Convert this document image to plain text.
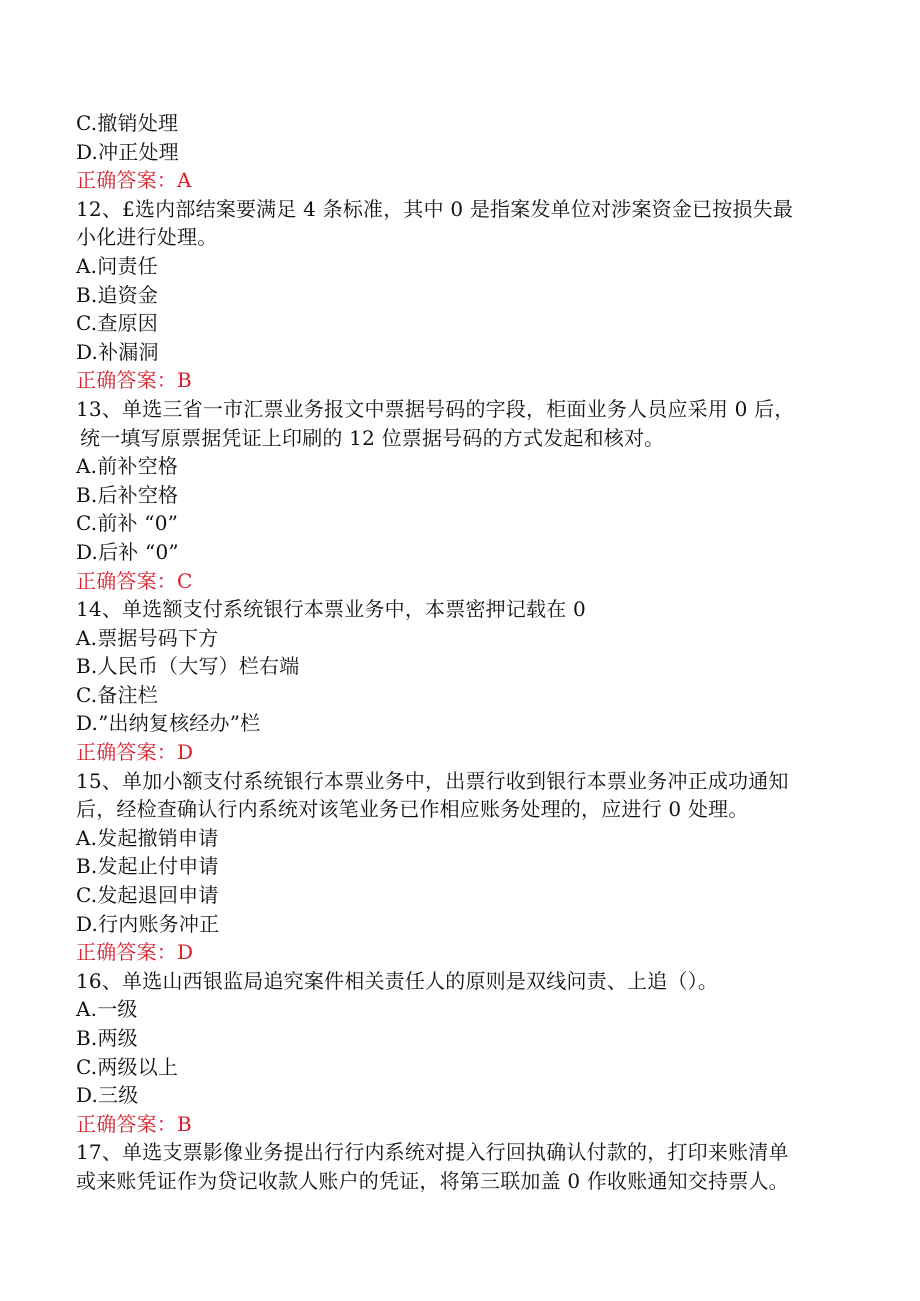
C.撤销处理
D.冲正处理
正确答案：A
12、£选内部结案要满足 4 条标准，其中 0 是指案发单位对涉案资金已按损失最
小化进行处理。
A.问责任
B.追资金
C.查原因
D.补漏洞
正确答案：B
13、单选三省一市汇票业务报文中票据号码的字段，柜面业务人员应采用 0 后，
统一填写原票据凭证上印刷的 12 位票据号码的方式发起和核对。
A.前补空格
B.后补空格
C.前补 “0”
D.后补 “0”
正确答案：C
14、单选额支付系统银行本票业务中，本票密押记载在 0
A.票据号码下方
B.人民币（大写）栏右端
C.备注栏
D.”出纳复核经办”栏
正确答案：D
15、单加小额支付系统银行本票业务中，出票行收到银行本票业务冲正成功通知
后，经检查确认行内系统对该笔业务已作相应账务处理的，应进行 0 处理。
A.发起撤销申请
B.发起止付申请
C.发起退回申请
D.行内账务冲正
正确答案：D
16、单选山西银监局追究案件相关责任人的原则是双线问责、上追（）。
A.一级
B.两级
C.两级以上
D.三级
正确答案：B
17、单选支票影像业务提出行行内系统对提入行回执确认付款的，打印来账清单
或来账凭证作为贷记收款人账户的凭证，将第三联加盖 0 作收账通知交持票人。
